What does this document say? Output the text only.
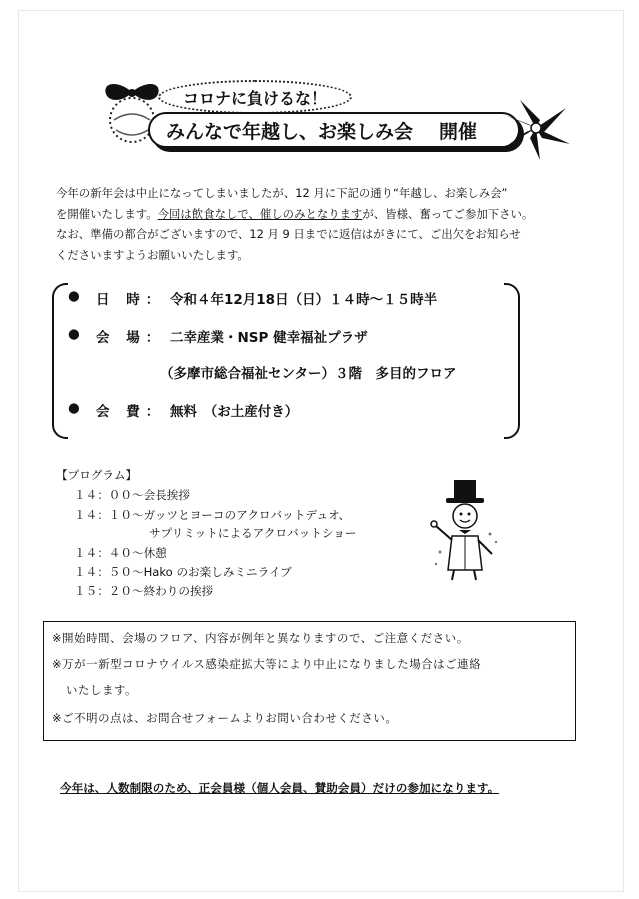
コロナに負けるな！
みんなで年越し、お楽しみ会 開催

今年の新年会は中止になってしまいましたが、12 月に下記の通り“年越し、お楽しみ会”

を開催いたします。今回は飲食なしで、催しのみとなりますが、皆様、奮ってご参加下さい。

なお、準備の都合がございますので、12 月 9 日までに返信はがきにて、ご出欠をお知らせ

くださいますようお願いいたします。

● 日 時： 令和４年12月18日（日）１４時～１５時半
● 会 場： 二幸産業・NSP 健幸福祉プラザ
（多摩市総合福祉センター）３階　多目的フロア
● 会 費： 無料　（お土産付き）
【プログラム】
１４：００～会長挨拶
１４：１０～ガッツとヨーコのアクロバットデュオ、
サプリミットによるアクロバットショー
１４：４０～休憩
１４：５０～Hako のお楽しみミニライブ
１５：２０～終わりの挨拶
※開始時間、会場のフロア、内容が例年と異なりますので、ご注意ください。
※万が一新型コロナウイルス感染症拡大等により中止になりました場合はご連絡
いたします。
※ご不明の点は、お問合せフォームよりお問い合わせください。
今年は、人数制限のため、正会員様（個人会員、賛助会員）だけの参加になります。
